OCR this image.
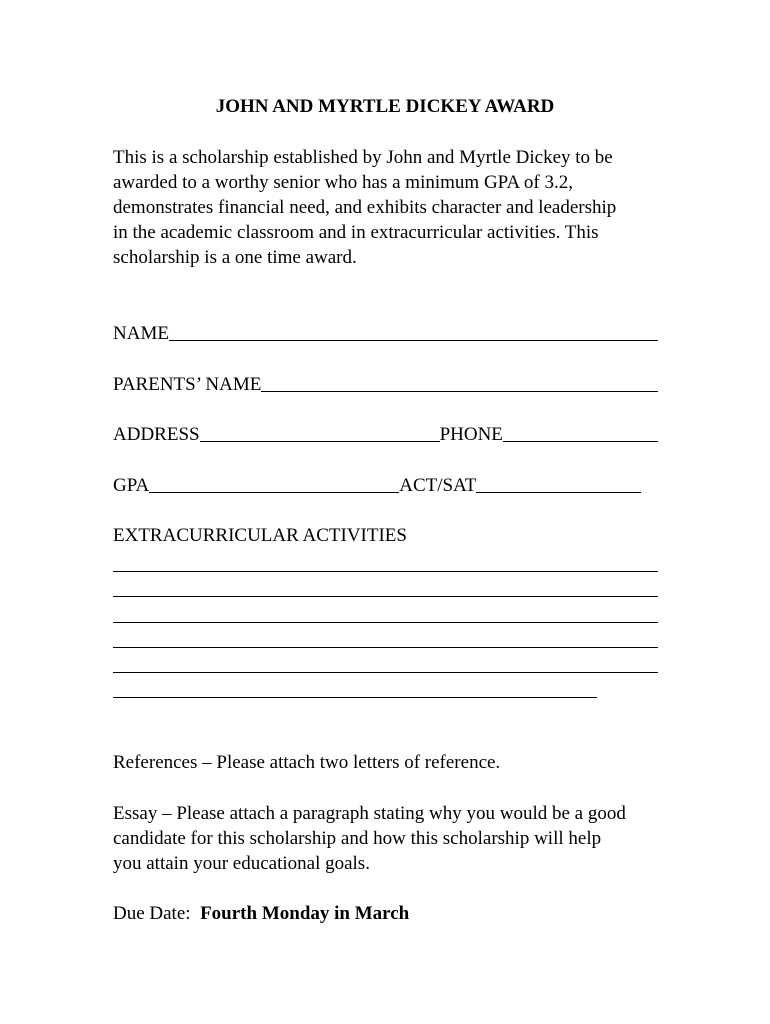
JOHN AND MYRTLE DICKEY AWARD

This is a scholarship established by John and Myrtle Dickey to be
awarded to a worthy senior who has a minimum GPA of 3.2,
demonstrates financial need, and exhibits character and leadership
in the academic classroom and in extracurricular activities. This
scholarship is a one time award.

NAME
PARENTS’ NAME
ADDRESS	PHONE
GPA	ACT/SAT
EXTRACURRICULAR ACTIVITIES

References – Please attach two letters of reference.

Essay – Please attach a paragraph stating why you would be a good
candidate for this scholarship and how this scholarship will help
you attain your educational goals.

Due Date: Fourth Monday in March
